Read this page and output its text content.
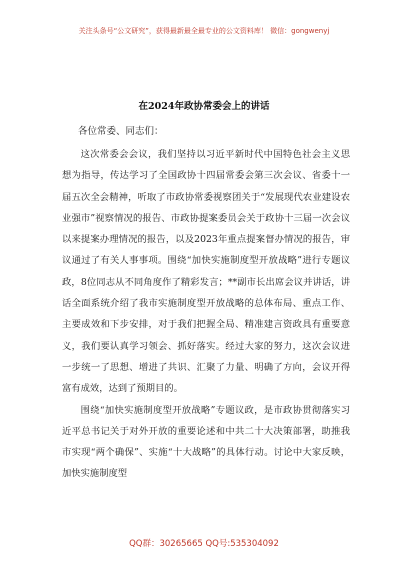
关注头条号“公文研究”，获得最新最全最专业的公文资料库！ 微信：gongwenyj
在2024年政协常委会上的讲话
各位常委、同志们：

这次常委会会议，我们坚持以习近平新时代中国特色社会主义思想为指导，传达学习了全国政协十四届常委会第三次会议、省委十一届五次全会精神，听取了市政协常委视察团关于“发展现代农业建设农业强市”视察情况的报告、市政协提案委员会关于政协十三届一次会议以来提案办理情况的报告，以及2023年重点提案督办情况的报告，审议通过了有关人事事项。围绕“加快实施制度型开放战略”进行专题议政，8位同志从不同角度作了精彩发言；**副市长出席会议并讲话，讲话全面系统介绍了我市实施制度型开放战略的总体布局、重点工作、主要成效和下步安排，对于我们把握全局、精准建言资政具有重要意义，我们要认真学习领会、抓好落实。经过大家的努力，这次会议进一步统一了思想、增进了共识、汇聚了力量、明确了方向，会议开得富有成效，达到了预期目的。

围绕“加快实施制度型开放战略”专题议政，是市政协贯彻落实习近平总书记关于对外开放的重要论述和中共二十大决策部署，助推我市实现“两个确保”、实施“十大战略”的具体行动。讨论中大家反映，加快实施制度型

QQ群：30265665 QQ号:535304092
